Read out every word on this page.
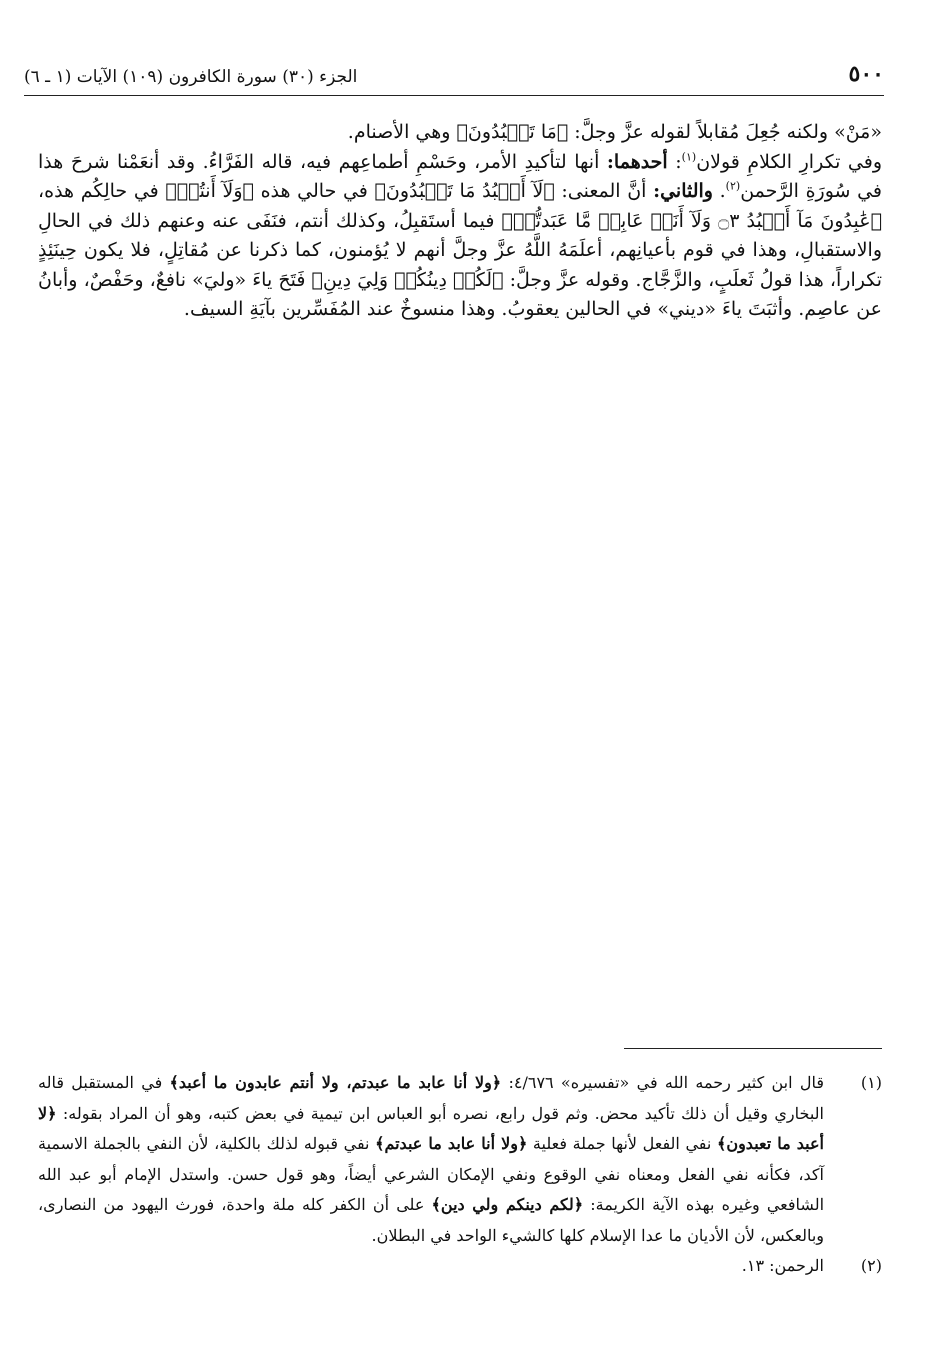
٥٠٠
الجزء (٣٠) سورة الكافرون (١٠٩) الآيات (١ ـ ٦)

«مَنْ» ولكنه جُعِلَ مُقابلاً لقوله عزَّ وجلَّ: ﴿مَا تَعۡبُدُونَ﴾ وهي الأصنام.

وفي تكرارِ الكلامِ قولان$^{(١)}$: أحدهما: أنها لتأكيدِ الأمر، وحَسْمِ أطماعِهم فيه، قاله الفَرَّاءُ. وقد أنعَمْنا شرحَ هذا في سُورَةِ الرَّحمن$^{(٢)}$. والثاني: أنَّ المعنى: ﴿لَآ أَعۡبُدُ مَا تَعۡبُدُونَ﴾ في حالي هذه ﴿وَلَآ أَنتُمۡ﴾ في حالِكُم هذه، ﴿عَٰبِدُونَ مَآ أَعۡبُدُ ۝٣ وَلَآ أَنَا۠ عَابِدٞ مَّا عَبَدتُّمۡ﴾ فيما أستَقبِلُ، وكذلك أنتم، فنَفَى عنه وعنهم ذلك في الحالِ والاستقبالِ، وهذا في قوم بأعيانِهم، أعلَمَهُ اللَّهُ عزَّ وجلَّ أنهم لا يُؤمنون، كما ذكرنا عن مُقاتِلٍ، فلا يكون حِينَئِذٍ تكراراً، هذا قولُ ثَعلَبٍ، والزَّجَّاج. وقوله عزَّ وجلَّ: ﴿لَكُمۡ دِينُكُمۡ وَلِيَ دِينِ﴾ فَتَحَ ياءَ «وليَ» نافعٌ، وحَفْصٌ، وأبانُ عن عاصِم. وأثبَتَ ياءَ «ديني» في الحالين يعقوبُ. وهذا منسوخٌ عند المُفَسِّرين بآيَةِ السيف.

(١)
قال ابن كثير رحمه الله في «تفسيره» ٤/٦٧٦: ﴿ولا أنا عابد ما عبدتم، ولا أنتم عابدون ما أعبد﴾ في المستقبل قاله البخاري وقيل أن ذلك تأكيد محض. وثم قول رابع، نصره أبو العباس ابن تيمية في بعض كتبه، وهو أن المراد بقوله: ﴿لا أعبد ما تعبدون﴾ نفي الفعل لأنها جملة فعلية ﴿ولا أنا عابد ما عبدتم﴾ نفي قبوله لذلك بالكلية، لأن النفي بالجملة الاسمية آكد، فكأنه نفي الفعل ومعناه نفي الوقوع ونفي الإمكان الشرعي أيضاً، وهو قول حسن. واستدل الإمام أبو عبد الله الشافعي وغيره بهذه الآية الكريمة: ﴿لكم دينكم ولي دين﴾ على أن الكفر كله ملة واحدة، فورث اليهود من النصارى، وبالعكس، لأن الأديان ما عدا الإسلام كلها كالشيء الواحد في البطلان.
(٢)
الرحمن: ١٣.
